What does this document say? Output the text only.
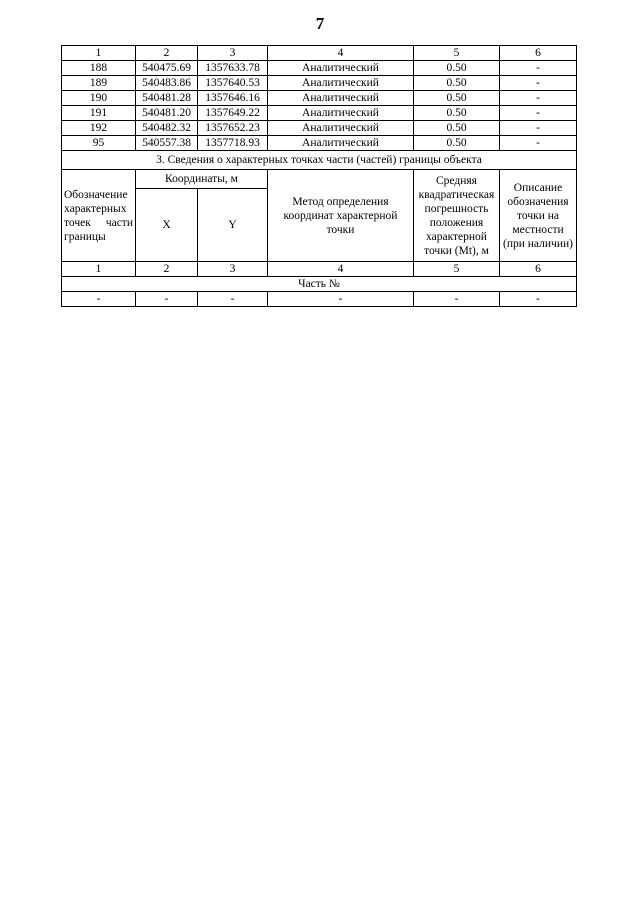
7
1	2	3	4	5	6
188	540475.69	1357633.78	Аналитический	0.50	-
189	540483.86	1357640.53	Аналитический	0.50	-
190	540481.28	1357646.16	Аналитический	0.50	-
191	540481.20	1357649.22	Аналитический	0.50	-
192	540482.32	1357652.23	Аналитический	0.50	-
95	540557.38	1357718.93	Аналитический	0.50	-
3. Сведения о характерных точках части (частей) границы объекта					
Обозначение характерных точек части границы	Координаты, м		Метод определения координат характерной точки	Средняя квадратическая погрешность положения характерной точки (Mt), м	Описание обозначения точки на местности (при наличии)
	X	Y			
1	2	3	4	5	6
Часть №					
-	-	-	-	-	-
